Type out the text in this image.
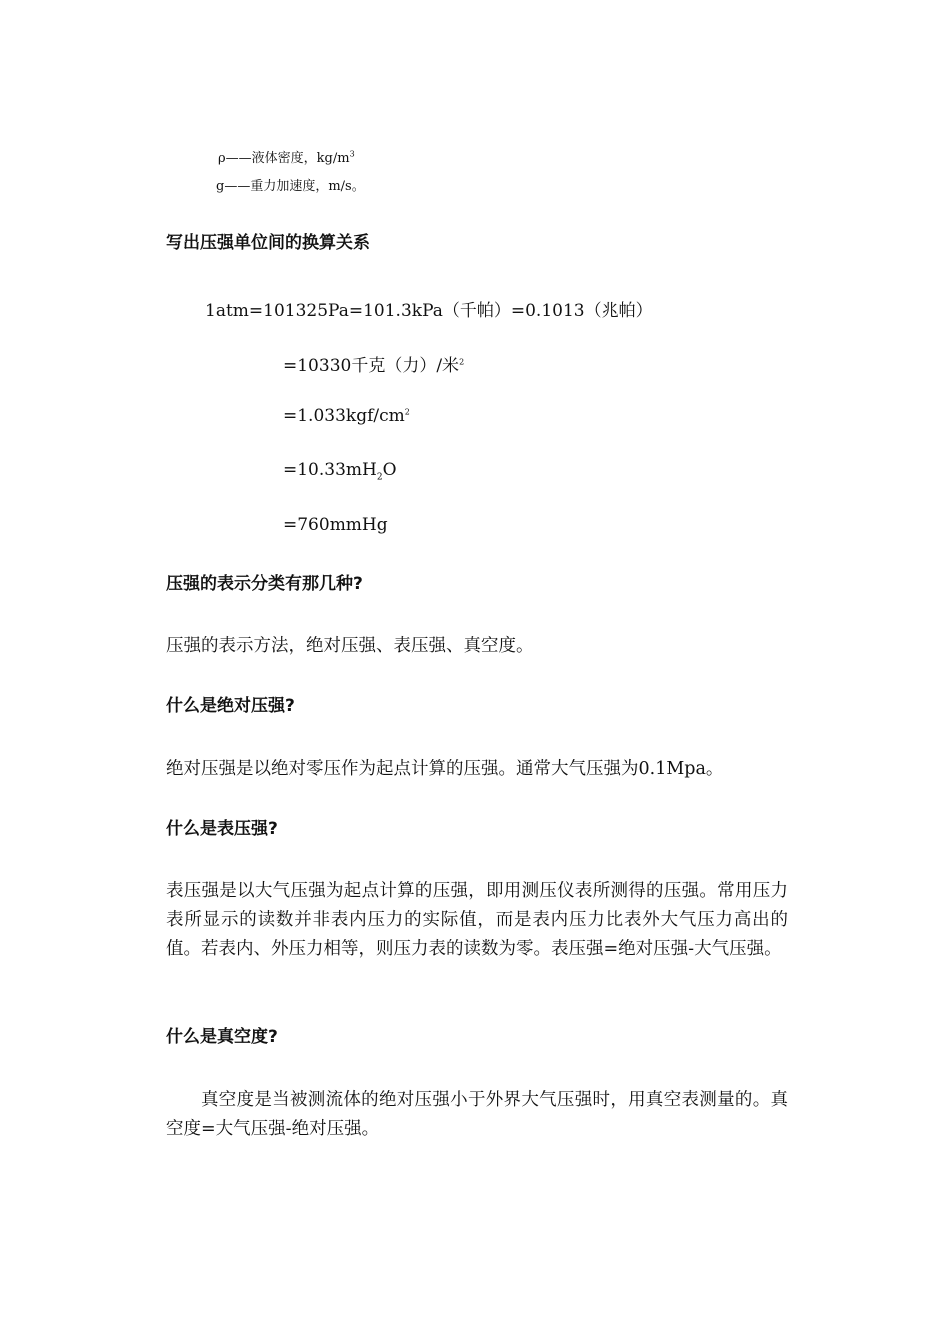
ρ——液体密度，$kg/m^3$
g——重力加速度，m/s。
写出压强单位间的换算关系
1atm=101325Pa=101.3kPa（千帕）=0.1013（兆帕）
=10330千克（力）/米$^2$
$=1.033kgf/cm^2$
$=10.33mH_2O$
=760mmHg
压强的表示分类有那几种?
压强的表示方法，绝对压强、表压强、真空度。
什么是绝对压强?
绝对压强是以绝对零压作为起点计算的压强。通常大气压强为0.1Mpa。
什么是表压强?
表压强是以大气压强为起点计算的压强，即用测压仪表所测得的压强。常用压力表所显示的读数并非表内压力的实际值，而是表内压力比表外大气压力高出的值。若表内、外压力相等，则压力表的读数为零。表压强=绝对压强-大气压强。
什么是真空度?
真空度是当被测流体的绝对压强小于外界大气压强时，用真空表测量的。真空度=大气压强-绝对压强。
